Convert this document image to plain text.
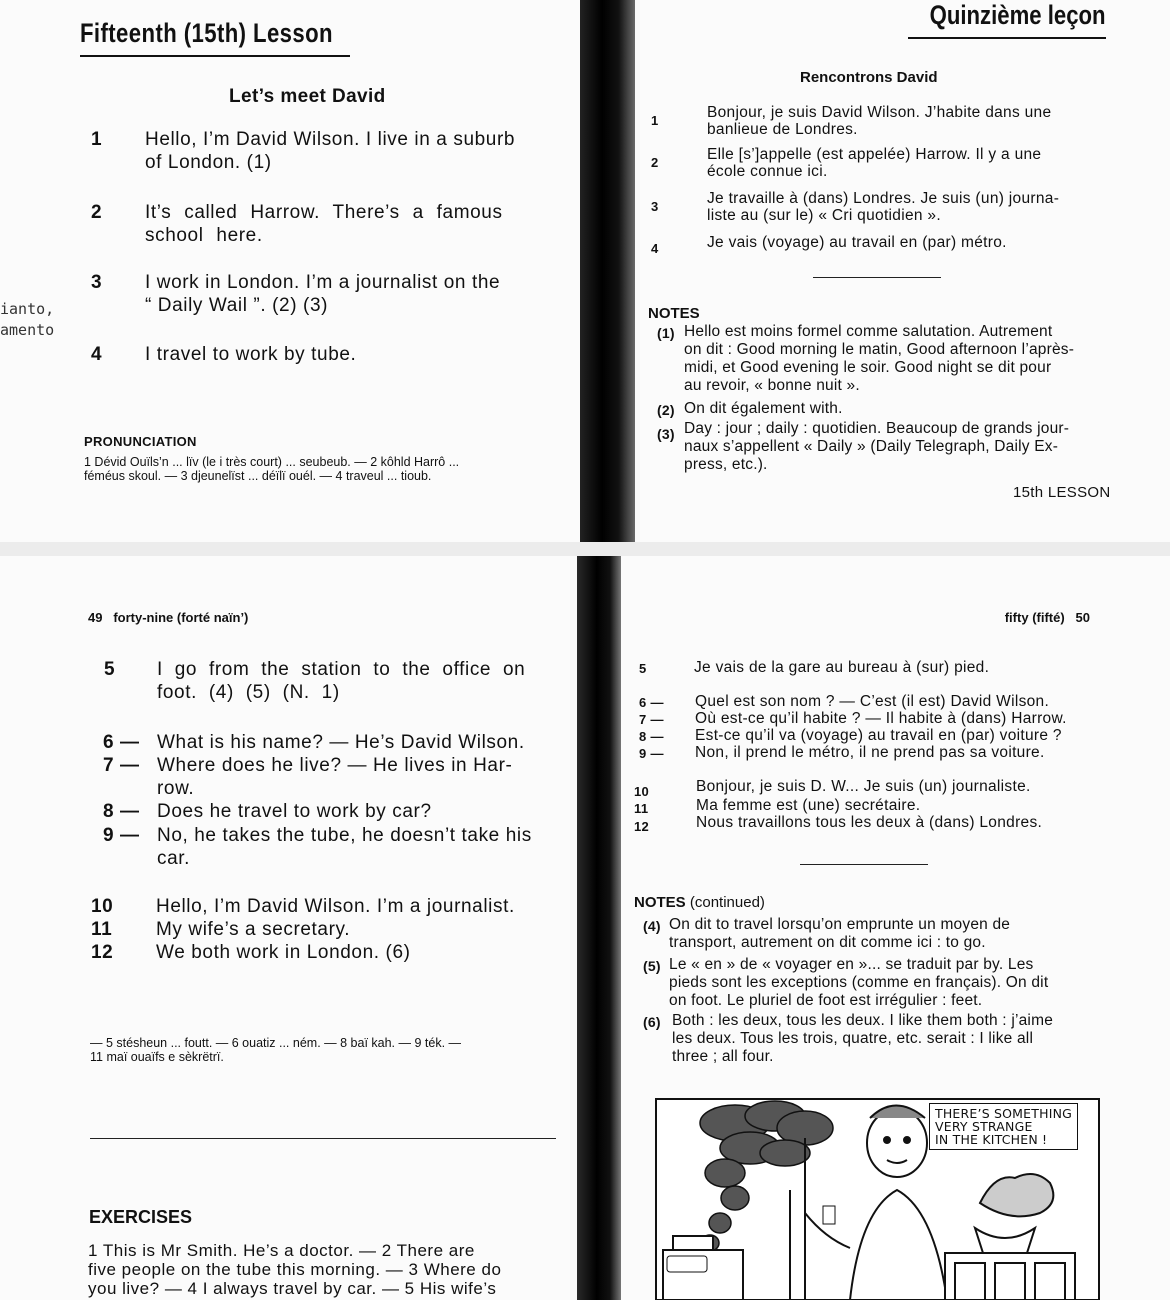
ianto,
amento
Fifteenth (15th) Lesson
Let’s meet David
1 Hello, I’m David Wilson. I live in a suburb
of London. (1)
2 It’s called Harrow. There’s a famous
school here.
3 I work in London. I’m a journalist on the
“ Daily Wail ”. (2) (3)
4 I travel to work by tube.
PRONUNCIATION
1 Dévid Ouïls’n ... lïv (le i très court) ... seubeub. — 2 kôhld Harrô ...
féméus skoul. — 3 djeunelïst ... déïlï ouél. — 4 traveul ... tioub.
Quinzième leçon
Rencontrons David
1	Bonjour, je suis David Wilson. J’habite dans une
banlieue de Londres.
2	Elle [s’]appelle (est appelée) Harrow. Il y a une
école connue ici.
3	Je travaille à (dans) Londres. Je suis (un) journa-
liste au (sur le) « Cri quotidien ».
4	Je vais (voyage) au travail en (par) métro.
NOTES
(1) Hello est moins formel comme salutation. Autrement
on dit : Good morning le matin, Good afternoon l’après-
midi, et Good evening le soir. Good night se dit pour
au revoir, « bonne nuit ».
(2) On dit également with.
(3) Day : jour ; daily : quotidien. Beaucoup de grands jour-
naux s’appellent « Daily » (Daily Telegraph, Daily Ex-
press, etc.).
15th LESSON
49 forty-nine (forté naïn’)
5 I go from the station to the office on
foot. (4) (5) (N. 1)
6 — What is his name? — He’s David Wilson.
7 — Where does he live? — He lives in Har-
row.
8 — Does he travel to work by car?
9 — No, he takes the tube, he doesn’t take his
car.
10 Hello, I’m David Wilson. I’m a journalist.
11 My wife’s a secretary.
12 We both work in London. (6)
— 5 stésheun ... foutt. — 6 ouatiz ... ném. — 8 baï kah. — 9 ték. —
11 maï ouaïfs e sèkrëtrï.
EXERCISES
1 This is Mr Smith. He’s a doctor. — 2 There are
five people on the tube this morning. — 3 Where do
you live? — 4 I always travel by car. — 5 His wife’s
fifty (fifté) 50
5	Je vais de la gare au bureau à (sur) pied.
6 — Quel est son nom ? — C’est (il est) David Wilson.
7 — Où est-ce qu’il habite ? — Il habite à (dans) Harrow.
8 — Est-ce qu’il va (voyage) au travail en (par) voiture ?
9 — Non, il prend le métro, il ne prend pas sa voiture.
10	Bonjour, je suis D. W... Je suis (un) journaliste.
11	Ma femme est (une) secrétaire.
12	Nous travaillons tous les deux à (dans) Londres.
NOTES (continued)
(4) On dit to travel lorsqu’on emprunte un moyen de
transport, autrement on dit comme ici : to go.
(5) Le « en » de « voyager en »... se traduit par by. Les
pieds sont les exceptions (comme en français). On dit
on foot. Le pluriel de foot est irrégulier : feet.
(6) Both : les deux, tous les deux. I like them both : j’aime
les deux. Tous les trois, quatre, etc. serait : I like all
three ; all four.
THERE’S SOMETHING
VERY STRANGE
IN THE KITCHEN !
